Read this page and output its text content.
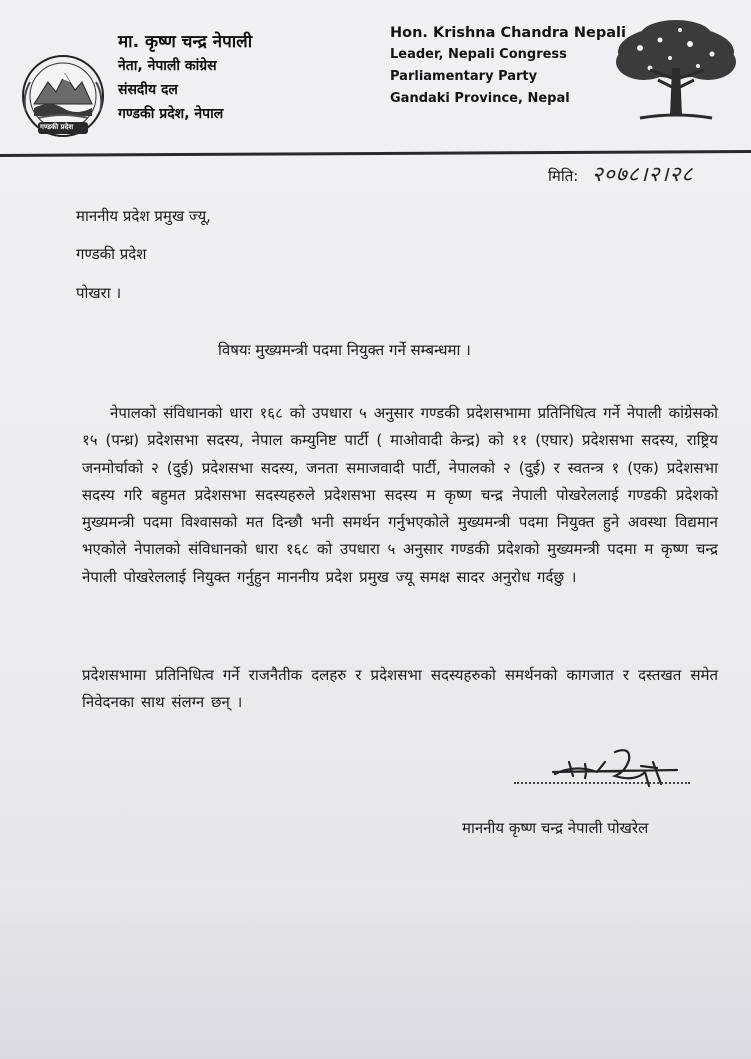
गण्डकी प्रदेश
मा. कृष्ण चन्द्र नेपाली
नेता, नेपाली कांग्रेस
संसदीय दल
गण्डकी प्रदेश, नेपाल
Hon. Krishna Chandra Nepali
Leader, Nepali Congress
Parliamentary Party
Gandaki Province, Nepal
मिति: २०७८।२।२८
माननीय प्रदेश प्रमुख ज्यू,
गण्डकी प्रदेश
पोखरा ।
विषयः मुख्यमन्त्री पदमा नियुक्त गर्ने सम्बन्धमा ।
नेपालको संविधानको धारा १६८ को उपधारा ५ अनुसार गण्डकी प्रदेशसभामा प्रतिनिधित्व गर्ने नेपाली कांग्रेसको १५ (पन्ध्र) प्रदेशसभा सदस्य, नेपाल कम्युनिष्ट पार्टी ( माओवादी केन्द्र) को ११ (एघार) प्रदेशसभा सदस्य, राष्ट्रिय जनमोर्चाको २ (दुई) प्रदेशसभा सदस्य, जनता समाजवादी पार्टी, नेपालको २ (दुई) र स्वतन्त्र १ (एक) प्रदेशसभा सदस्य गरि बहुमत प्रदेशसभा सदस्यहरुले प्रदेशसभा सदस्य म कृष्ण चन्द्र नेपाली पोखरेललाई गण्डकी प्रदेशको मुख्यमन्त्री पदमा विश्वासको मत दिन्छौ भनी समर्थन गर्नुभएकोले मुख्यमन्त्री पदमा नियुक्त हुने अवस्था विद्यमान भएकोले नेपालको संविधानको धारा १६८ को उपधारा ५ अनुसार गण्डकी प्रदेशको मुख्यमन्त्री पदमा म कृष्ण चन्द्र नेपाली पोखरेललाई नियुक्त गर्नुहुन माननीय प्रदेश प्रमुख ज्यू समक्ष सादर अनुरोध गर्दछु ।
प्रदेशसभामा प्रतिनिधित्व गर्ने राजनैतीक दलहरु र प्रदेशसभा सदस्यहरुको समर्थनको कागजात र दस्तखत समेत निवेदनका साथ संलग्न छन् ।
माननीय कृष्ण चन्द्र नेपाली पोखरेल
